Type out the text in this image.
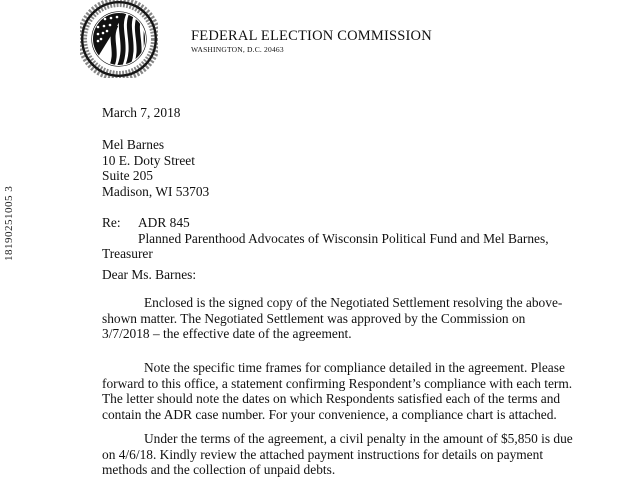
FEDERAL ELECTION COMMISSION
WASHINGTON, D.C. 20463
18190251005 3
March 7, 2018
Mel Barnes
10 E. Doty Street
Suite 205
Madison, WI 53703
Re: ADR 845
Planned Parenthood Advocates of Wisconsin Political Fund and Mel Barnes,
Treasurer
Dear Ms. Barnes:
Enclosed is the signed copy of the Negotiated Settlement resolving the above-
shown matter. The Negotiated Settlement was approved by the Commission on
3/7/2018 – the effective date of the agreement.
Note the specific time frames for compliance detailed in the agreement. Please
forward to this office, a statement confirming Respondent’s compliance with each term.
The letter should note the dates on which Respondents satisfied each of the terms and
contain the ADR case number. For your convenience, a compliance chart is attached.
Under the terms of the agreement, a civil penalty in the amount of $5,850 is due
on 4/6/18. Kindly review the attached payment instructions for details on payment
methods and the collection of unpaid debts.
